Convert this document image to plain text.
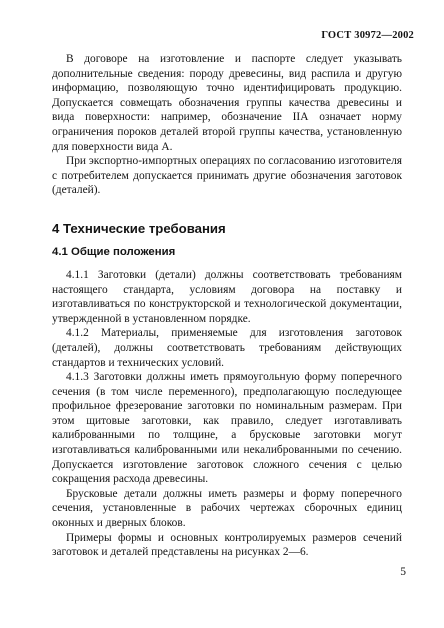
ГОСТ 30972—2002

В договоре на изготовление и паспорте следует указывать дополнительные сведения: породу древесины, вид распила и другую информацию, позволяющую точно идентифицировать продукцию. Допускается совмещать обозначения группы качества древесины и вида поверхности: например, обозначение IIА означает норму ограничения пороков деталей второй группы качества, установленную для поверхности вида А.

При экспортно-импортных операциях по согласованию изготовителя с потребителем допускается принимать другие обозначения заготовок (деталей).

4 Технические требования
4.1 Общие положения

4.1.1 Заготовки (детали) должны соответствовать требованиям настоящего стандарта, условиям договора на поставку и изготавливаться по конструкторской и технологической документации, утвержденной в установленном порядке.

4.1.2 Материалы, применяемые для изготовления заготовок (деталей), должны соответствовать требованиям действующих стандартов и технических условий.

4.1.3 Заготовки должны иметь прямоугольную форму поперечного сечения (в том числе переменного), предполагающую последующее профильное фрезерование заготовки по номинальным размерам. При этом щитовые заготовки, как правило, следует изготавливать калиброванными по толщине, а брусковые заготовки могут изготавливаться калиброванными или некалиброванными по сечению. Допускается изготовление заготовок сложного сечения с целью сокращения расхода древесины.

Брусковые детали должны иметь размеры и форму поперечного сечения, установленные в рабочих чертежах сборочных единиц оконных и дверных блоков.

Примеры формы и основных контролируемых размеров сечений заготовок и деталей представлены на рисунках 2—6.

5
